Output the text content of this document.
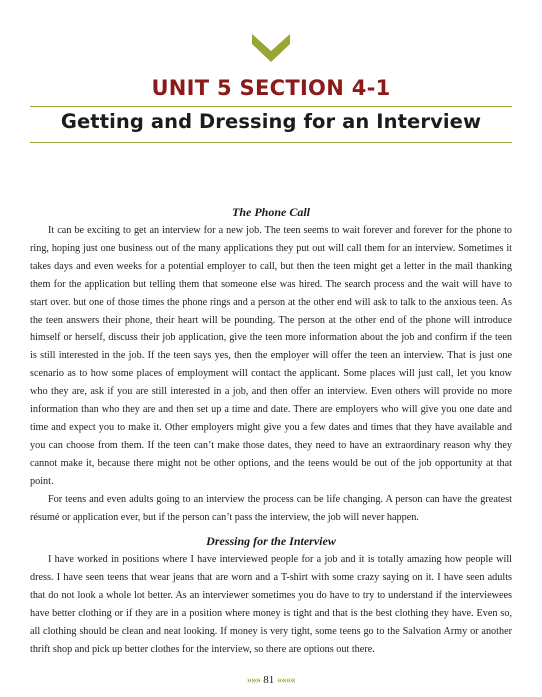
UNIT 5 SECTION 4-1
Getting and Dressing for an Interview
The Phone Call

It can be exciting to get an interview for a new job. The teen seems to wait forever and forever for the phone to ring, hoping just one business out of the many applications they put out will call them for an interview. Sometimes it takes days and even weeks for a potential employer to call, but then the teen might get a letter in the mail thanking them for the application but telling them that someone else was hired. The search process and the wait will have to start over. but one of those times the phone rings and a person at the other end will ask to talk to the anxious teen. As the teen answers their phone, their heart will be pounding. The person at the other end of the phone will introduce himself or herself, discuss their job application, give the teen more information about the job and confirm if the teen is still interested in the job. If the teen says yes, then the employer will offer the teen an interview. That is just one scenario as to how some places of employment will contact the applicant. Some places will just call, let you know who they are, ask if you are still interested in a job, and then offer an interview. Even others will provide no more information than who they are and then set up a time and date. There are employers who will give you one date and time and expect you to make it. Other employers might give you a few dates and times that they have available and you can choose from them. If the teen can’t make those dates, they need to have an extraordinary reason why they cannot make it, because there might not be other options, and the teens would be out of the job opportunity at that point.

For teens and even adults going to an interview the process can be life changing. A person can have the greatest résumé or application ever, but if the person can’t pass the interview, the job will never happen.

Dressing for the Interview

I have worked in positions where I have interviewed people for a job and it is totally amazing how people will dress. I have seen teens that wear jeans that are worn and a T-shirt with some crazy saying on it. I have seen adults that do not look a whole lot better. As an interviewer sometimes you do have to try to understand if the interviewees have better clothing or if they are in a position where money is tight and that is the best clothing they have. Even so, all clothing should be clean and neat looking. If money is very tight, some teens go to the Salvation Army or another thrift shop and pick up better clothes for the interview, so there are options out there.

»»» 81 ««««
